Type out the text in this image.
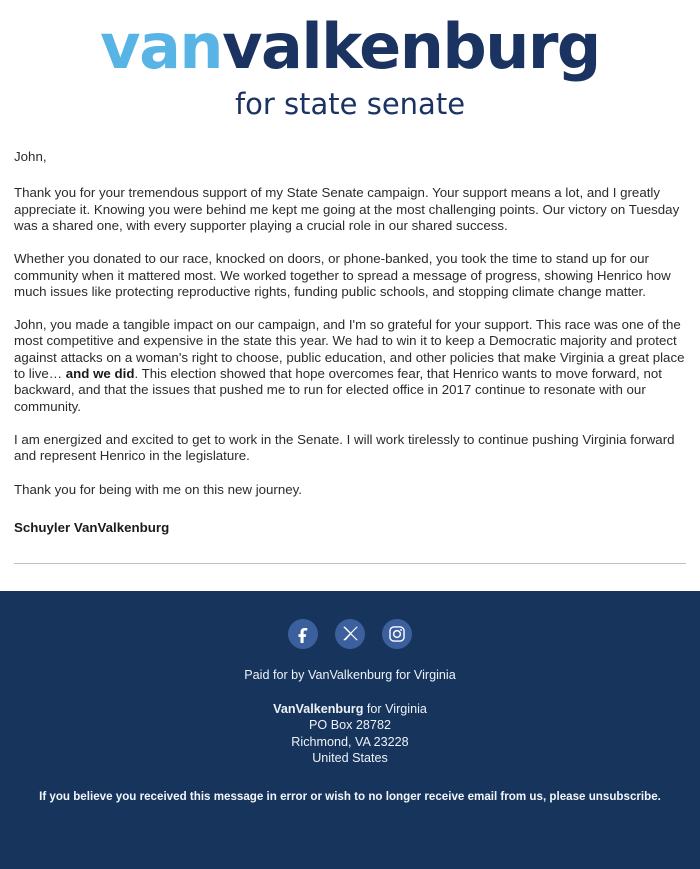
vanvalkenburg
for state senate

John,

Thank you for your tremendous support of my State Senate campaign. Your support means a lot, and I greatly appreciate it. Knowing you were behind me kept me going at the most challenging points. Our victory on Tuesday was a shared one, with every supporter playing a crucial role in our shared success.

Whether you donated to our race, knocked on doors, or phone-banked, you took the time to stand up for our community when it mattered most. We worked together to spread a message of progress, showing Henrico how much issues like protecting reproductive rights, funding public schools, and stopping climate change matter.

John, you made a tangible impact on our campaign, and I'm so grateful for your support. This race was one of the most competitive and expensive in the state this year. We had to win it to keep a Democratic majority and protect against attacks on a woman's right to choose, public education, and other policies that make Virginia a great place to live… and we did. This election showed that hope overcomes fear, that Henrico wants to move forward, not backward, and that the issues that pushed me to run for elected office in 2017 continue to resonate with our community.

I am energized and excited to get to work in the Senate. I will work tirelessly to continue pushing Virginia forward and represent Henrico in the legislature.

Thank you for being with me on this new journey.

Schuyler VanValkenburg
Paid for by VanValkenburg for Virginia
VanValkenburg for Virginia
PO Box 28782
Richmond, VA 23228
United States
If you believe you received this message in error or wish to no longer receive email from us, please unsubscribe.
